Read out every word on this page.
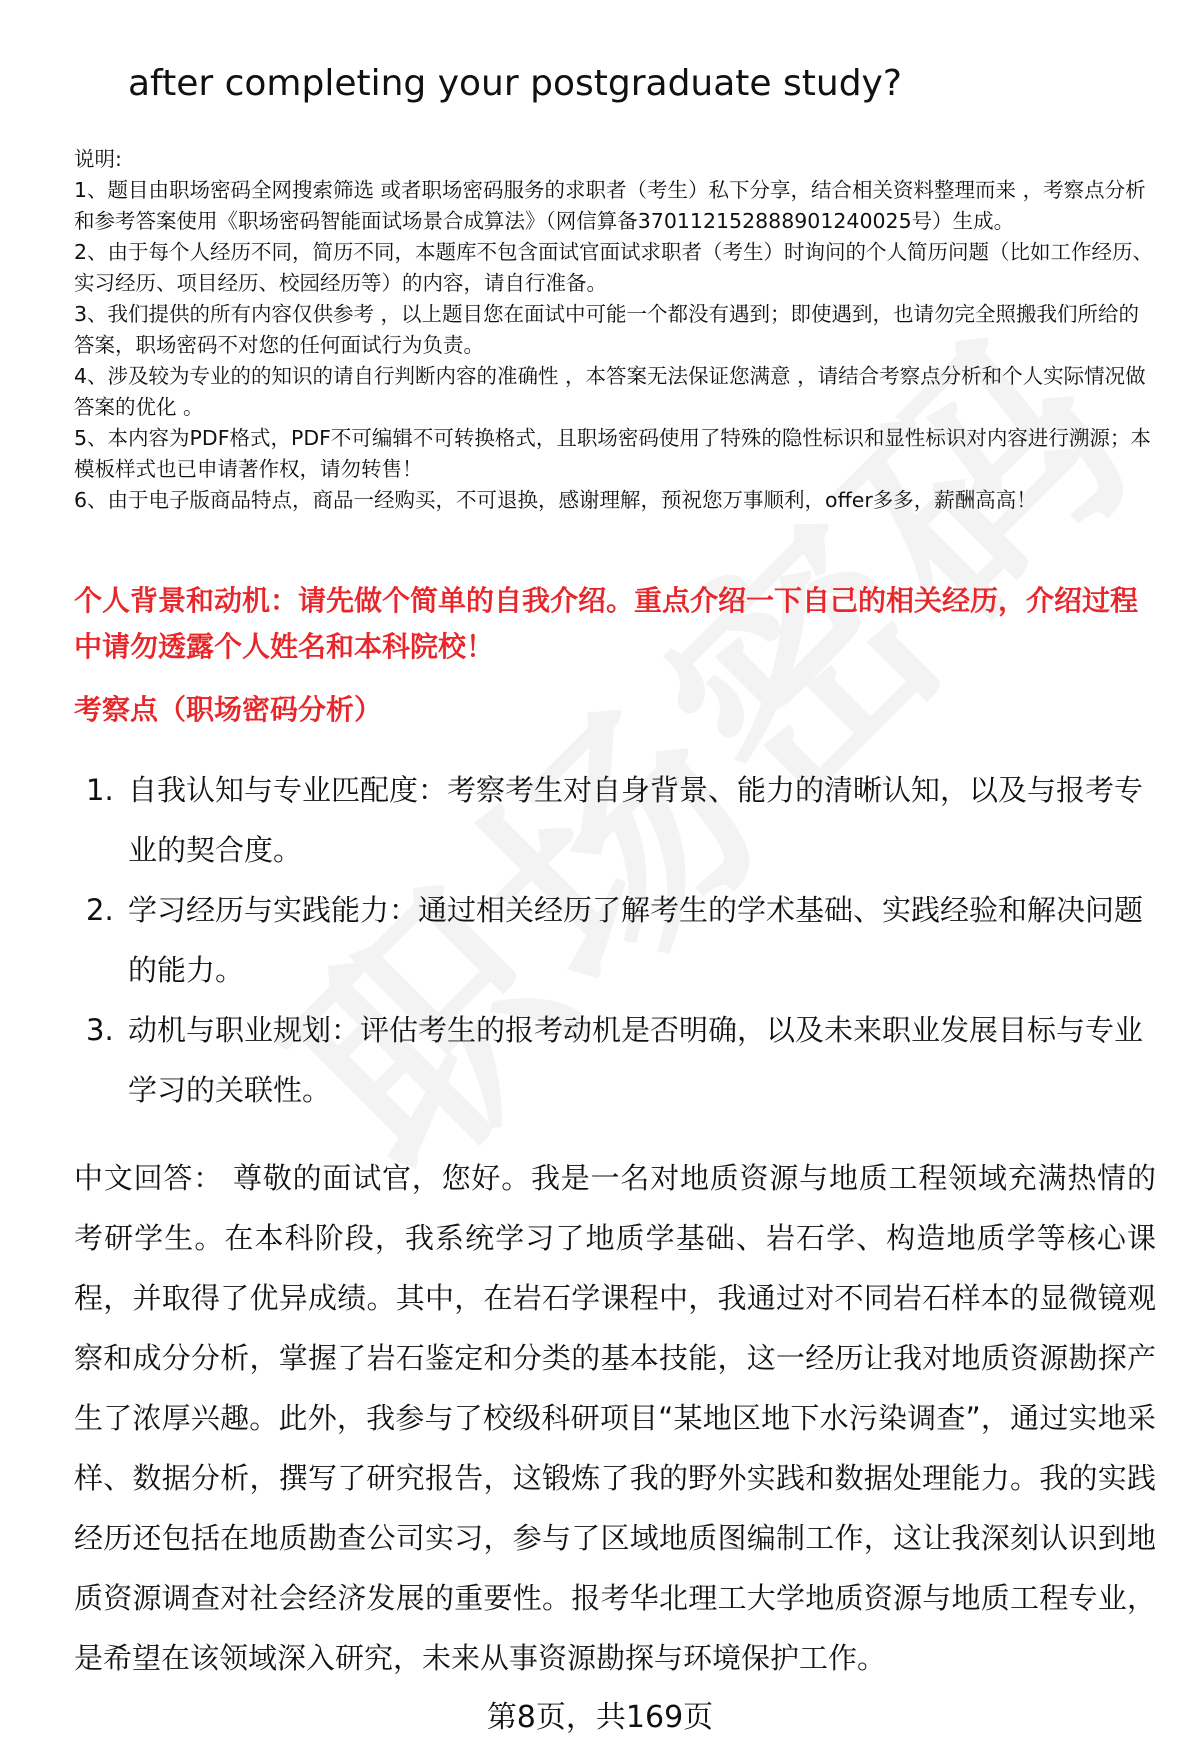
after completing your postgraduate study?

说明:

1、题目由职场密码全网搜索筛选 或者职场密码服务的求职者（考生）私下分享，结合相关资料整理而来 ，考察点分析和参考答案使用《职场密码智能面试场景合成算法》（网信算备370112152888901240025号）生成。

2、由于每个人经历不同，简历不同，本题库不包含面试官面试求职者（考生）时询问的个人简历问题（比如工作经历、实习经历、项目经历、校园经历等）的内容，请自行准备。

3、我们提供的所有内容仅供参考 ，以上题目您在面试中可能一个都没有遇到；即使遇到，也请勿完全照搬我们所给的答案，职场密码不对您的任何面试行为负责。

4、涉及较为专业的的知识的请自行判断内容的准确性 ，本答案无法保证您满意 ，请结合考察点分析和个人实际情况做答案的优化 。

5、本内容为PDF格式，PDF不可编辑不可转换格式，且职场密码使用了特殊的隐性标识和显性标识对内容进行溯源；本模板样式也已申请著作权，请勿转售！

6、由于电子版商品特点，商品一经购买，不可退换，感谢理解，预祝您万事顺利，offer多多，薪酬高高！

个人背景和动机：请先做个简单的自我介绍。重点介绍一下自己的相关经历，介绍过程中请勿透露个人姓名和本科院校！
考察点（职场密码分析）
1. 自我认知与专业匹配度：考察考生对自身背景、能力的清晰认知，以及与报考专业的契合度。
2. 学习经历与实践能力：通过相关经历了解考生的学术基础、实践经验和解决问题的能力。
3. 动机与职业规划：评估考生的报考动机是否明确，以及未来职业发展目标与专业学习的关联性。
中文回答： 尊敬的面试官，您好。我是一名对地质资源与地质工程领域充满热情的考研学生。在本科阶段，我系统学习了地质学基础、岩石学、构造地质学等核心课程，并取得了优异成绩。其中，在岩石学课程中，我通过对不同岩石样本的显微镜观察和成分分析，掌握了岩石鉴定和分类的基本技能，这一经历让我对地质资源勘探产生了浓厚兴趣。此外，我参与了校级科研项目“某地区地下水污染调查”，通过实地采样、数据分析，撰写了研究报告，这锻炼了我的野外实践和数据处理能力。我的实践经历还包括在地质勘查公司实习，参与了区域地质图编制工作，这让我深刻认识到地质资源调查对社会经济发展的重要性。报考华北理工大学地质资源与地质工程专业，是希望在该领域深入研究，未来从事资源勘探与环境保护工作。
第8页，共169页
